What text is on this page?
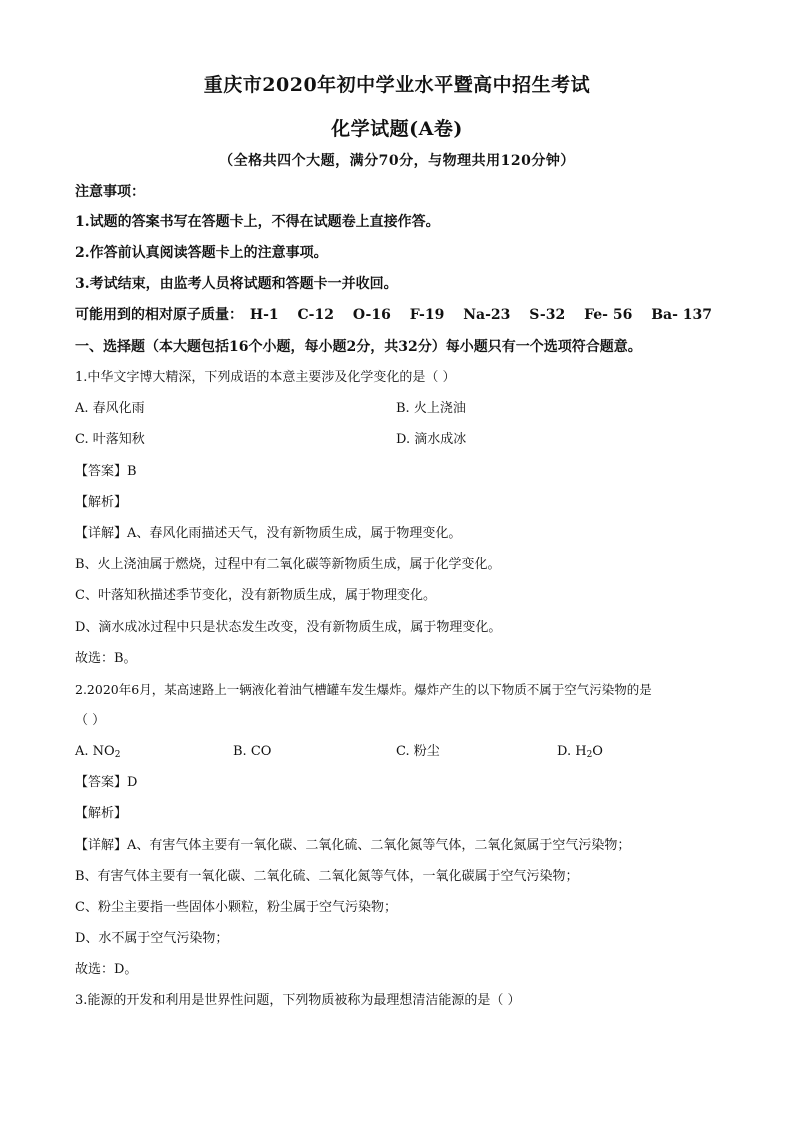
重庆市2020年初中学业水平暨高中招生考试
化学试题(A卷)
（全格共四个大题，满分70分，与物理共用120分钟）
注意事项：
1.试题的答案书写在答题卡上，不得在试题卷上直接作答。
2.作答前认真阅读答题卡上的注意事项。
3.考试结束，由监考人员将试题和答题卡一并收回。
可能用到的相对原子质量： H-1 C-12 O-16 F-19 Na-23 S-32 Fe- 56 Ba- 137
一、选择题（本大题包括16个小题，每小题2分，共32分）每小题只有一个选项符合题意。
1.中华文字博大精深，下列成语的本意主要涉及化学变化的是（ ）
A. 春风化雨	B. 火上浇油
C. 叶落知秋	D. 滴水成冰
【答案】B
【解析】
【详解】A、春风化雨描述天气，没有新物质生成，属于物理变化。
B、火上浇油属于燃烧，过程中有二氧化碳等新物质生成，属于化学变化。
C、叶落知秋描述季节变化，没有新物质生成，属于物理变化。
D、滴水成冰过程中只是状态发生改变，没有新物质生成，属于物理变化。
故选：B。
2.2020年6月，某高速路上一辆液化着油气槽罐车发生爆炸。爆炸产生的以下物质不属于空气污染物的是
（ ）
A. $NO_2$	B. CO	C. 粉尘	D. $H_2O$
【答案】D
【解析】
【详解】A、有害气体主要有一氧化碳、二氧化硫、二氧化氮等气体，二氧化氮属于空气污染物；
B、有害气体主要有一氧化碳、二氧化硫、二氧化氮等气体，一氧化碳属于空气污染物；
C、粉尘主要指一些固体小颗粒，粉尘属于空气污染物；
D、水不属于空气污染物；
故选：D。
3.能源的开发和利用是世界性问题，下列物质被称为最理想清洁能源的是（ ）
